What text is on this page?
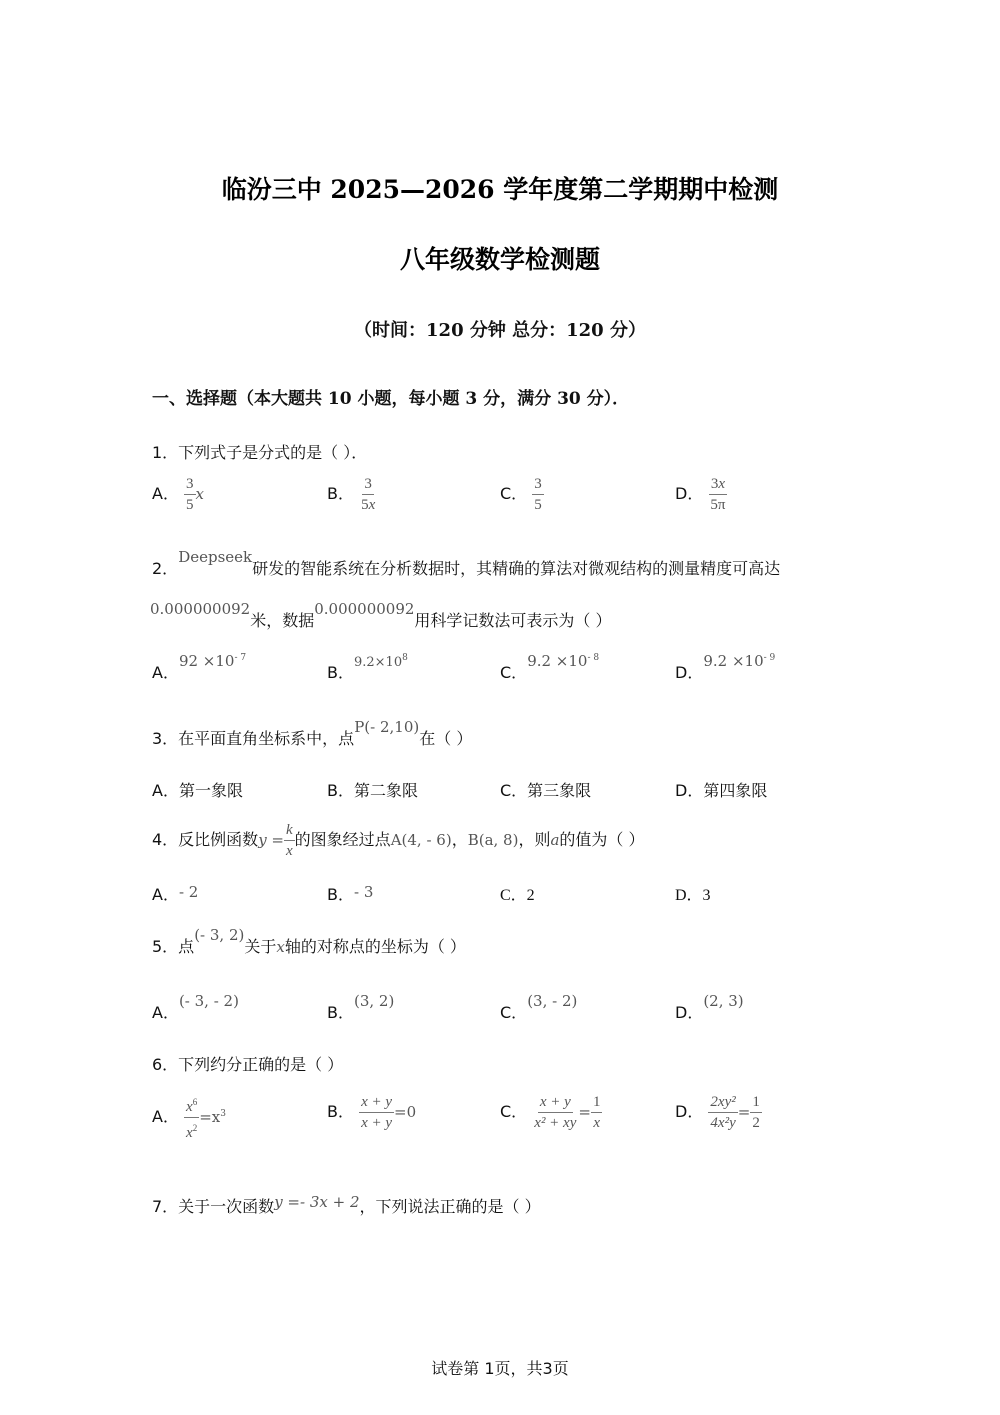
临汾三中 2025—2026 学年度第二学期期中检测
八年级数学检测题
（时间：120 分钟 总分：120 分）
一、选择题（本大题共 10 小题，每小题 3 分，满分 30 分）．
1．下列式子是分式的是（ ）．
A． $\frac{3}{5}$ x	B． $\frac{3}{5x}$	C． $\frac{3}{5}$	D． $\frac{3x}{5\pi}$
2．Deepseek研发的智能系统在分析数据时，其精确的算法对微观结构的测量精度可高达
0.000000092米，数据0.000000092用科学记数法可表示为（ ）
A．$92 \times 10^{- 7}$
B．$^{9.2\times 10^8}$
C．$9.2 \times 10^{- 8}$
D．$9.2 \times 10^{- 9}$
3．在平面直角坐标系中，点P(- 2,10)在（ ）
A．第一象限	B．第二象限	C．第三象限	D．第四象限
4．反比例函数$y = \frac{k}{x}$ 的图象经过点A(4, - 6)，B(a, 8)，则a的值为（ ）
A．- 2	B．- 3	C．2	D．3
5．点(- 3, 2)关于x轴的对称点的坐标为（ ）
A．(- 3, - 2)
B．(3, 2)
C．(3, - 2)
D．(2, 3)
6．下列约分正确的是（ ）
A． $\frac{x^6}{x^2} =x^3$	B． $\frac{x + y}{x + y} =0$	C． $\frac{x + y}{\text{x² + xy}} = \frac{1}{x}$	D． $\frac{\text{2xy²}}{\text{4x²y}} = \frac{1}{2}$
7．关于一次函数y =- 3x + 2，下列说法正确的是（ ）
试卷第 1页，共3页
